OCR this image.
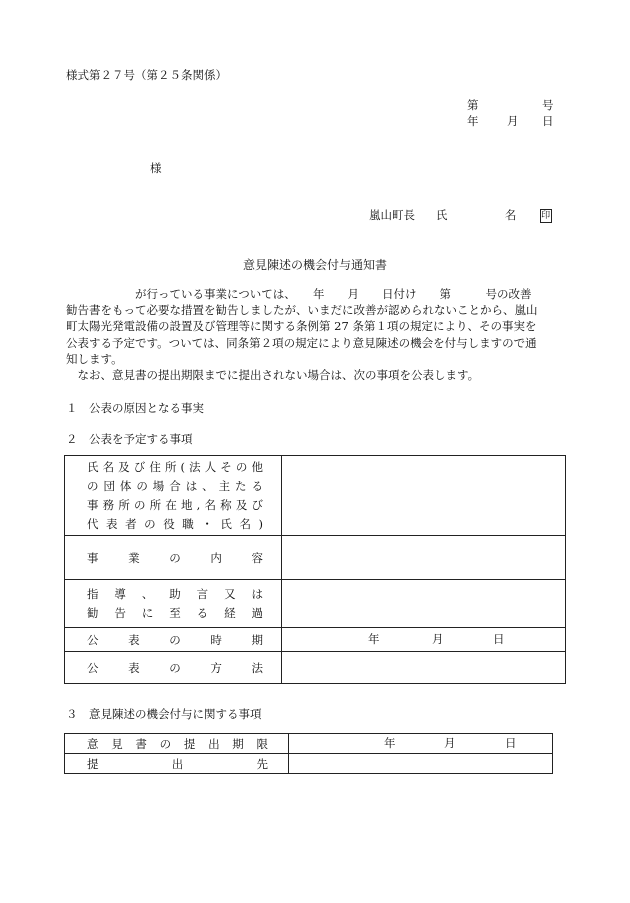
様式第２７号（第２５条関係）
第	号
年 月 日
様
嵐山町長 氏	名	印
意見陳述の機会付与通知書

　　　　　　が行っている事業については、　　年　　月　　日付け　　第　　　号の改善

勧告書をもって必要な措置を勧告しましたが、いまだに改善が認められないことから、嵐山

町太陽光発電設備の設置及び管理等に関する条例第 27 条第１項の規定により、その事実を

公表する予定です。ついては、同条第２項の規定により意見陳述の機会を付与しますので通

知します。

　なお、意見書の提出期限までに提出されない場合は、次の事項を公表します。

１　公表の原因となる事実
２　公表を予定する事項
氏名及び住所(法人その他
の団体の場合は、主たる
事務所の所在地,名称及び
代表者の役職・氏名)	

事業の内容	

指導、助言又は
勧告に至る経過	

公表の時期	年 月 日

公表の方法	

３　意見陳述の機会付与に関する事項
意見書の提出期限	年 月 日

提出先	
